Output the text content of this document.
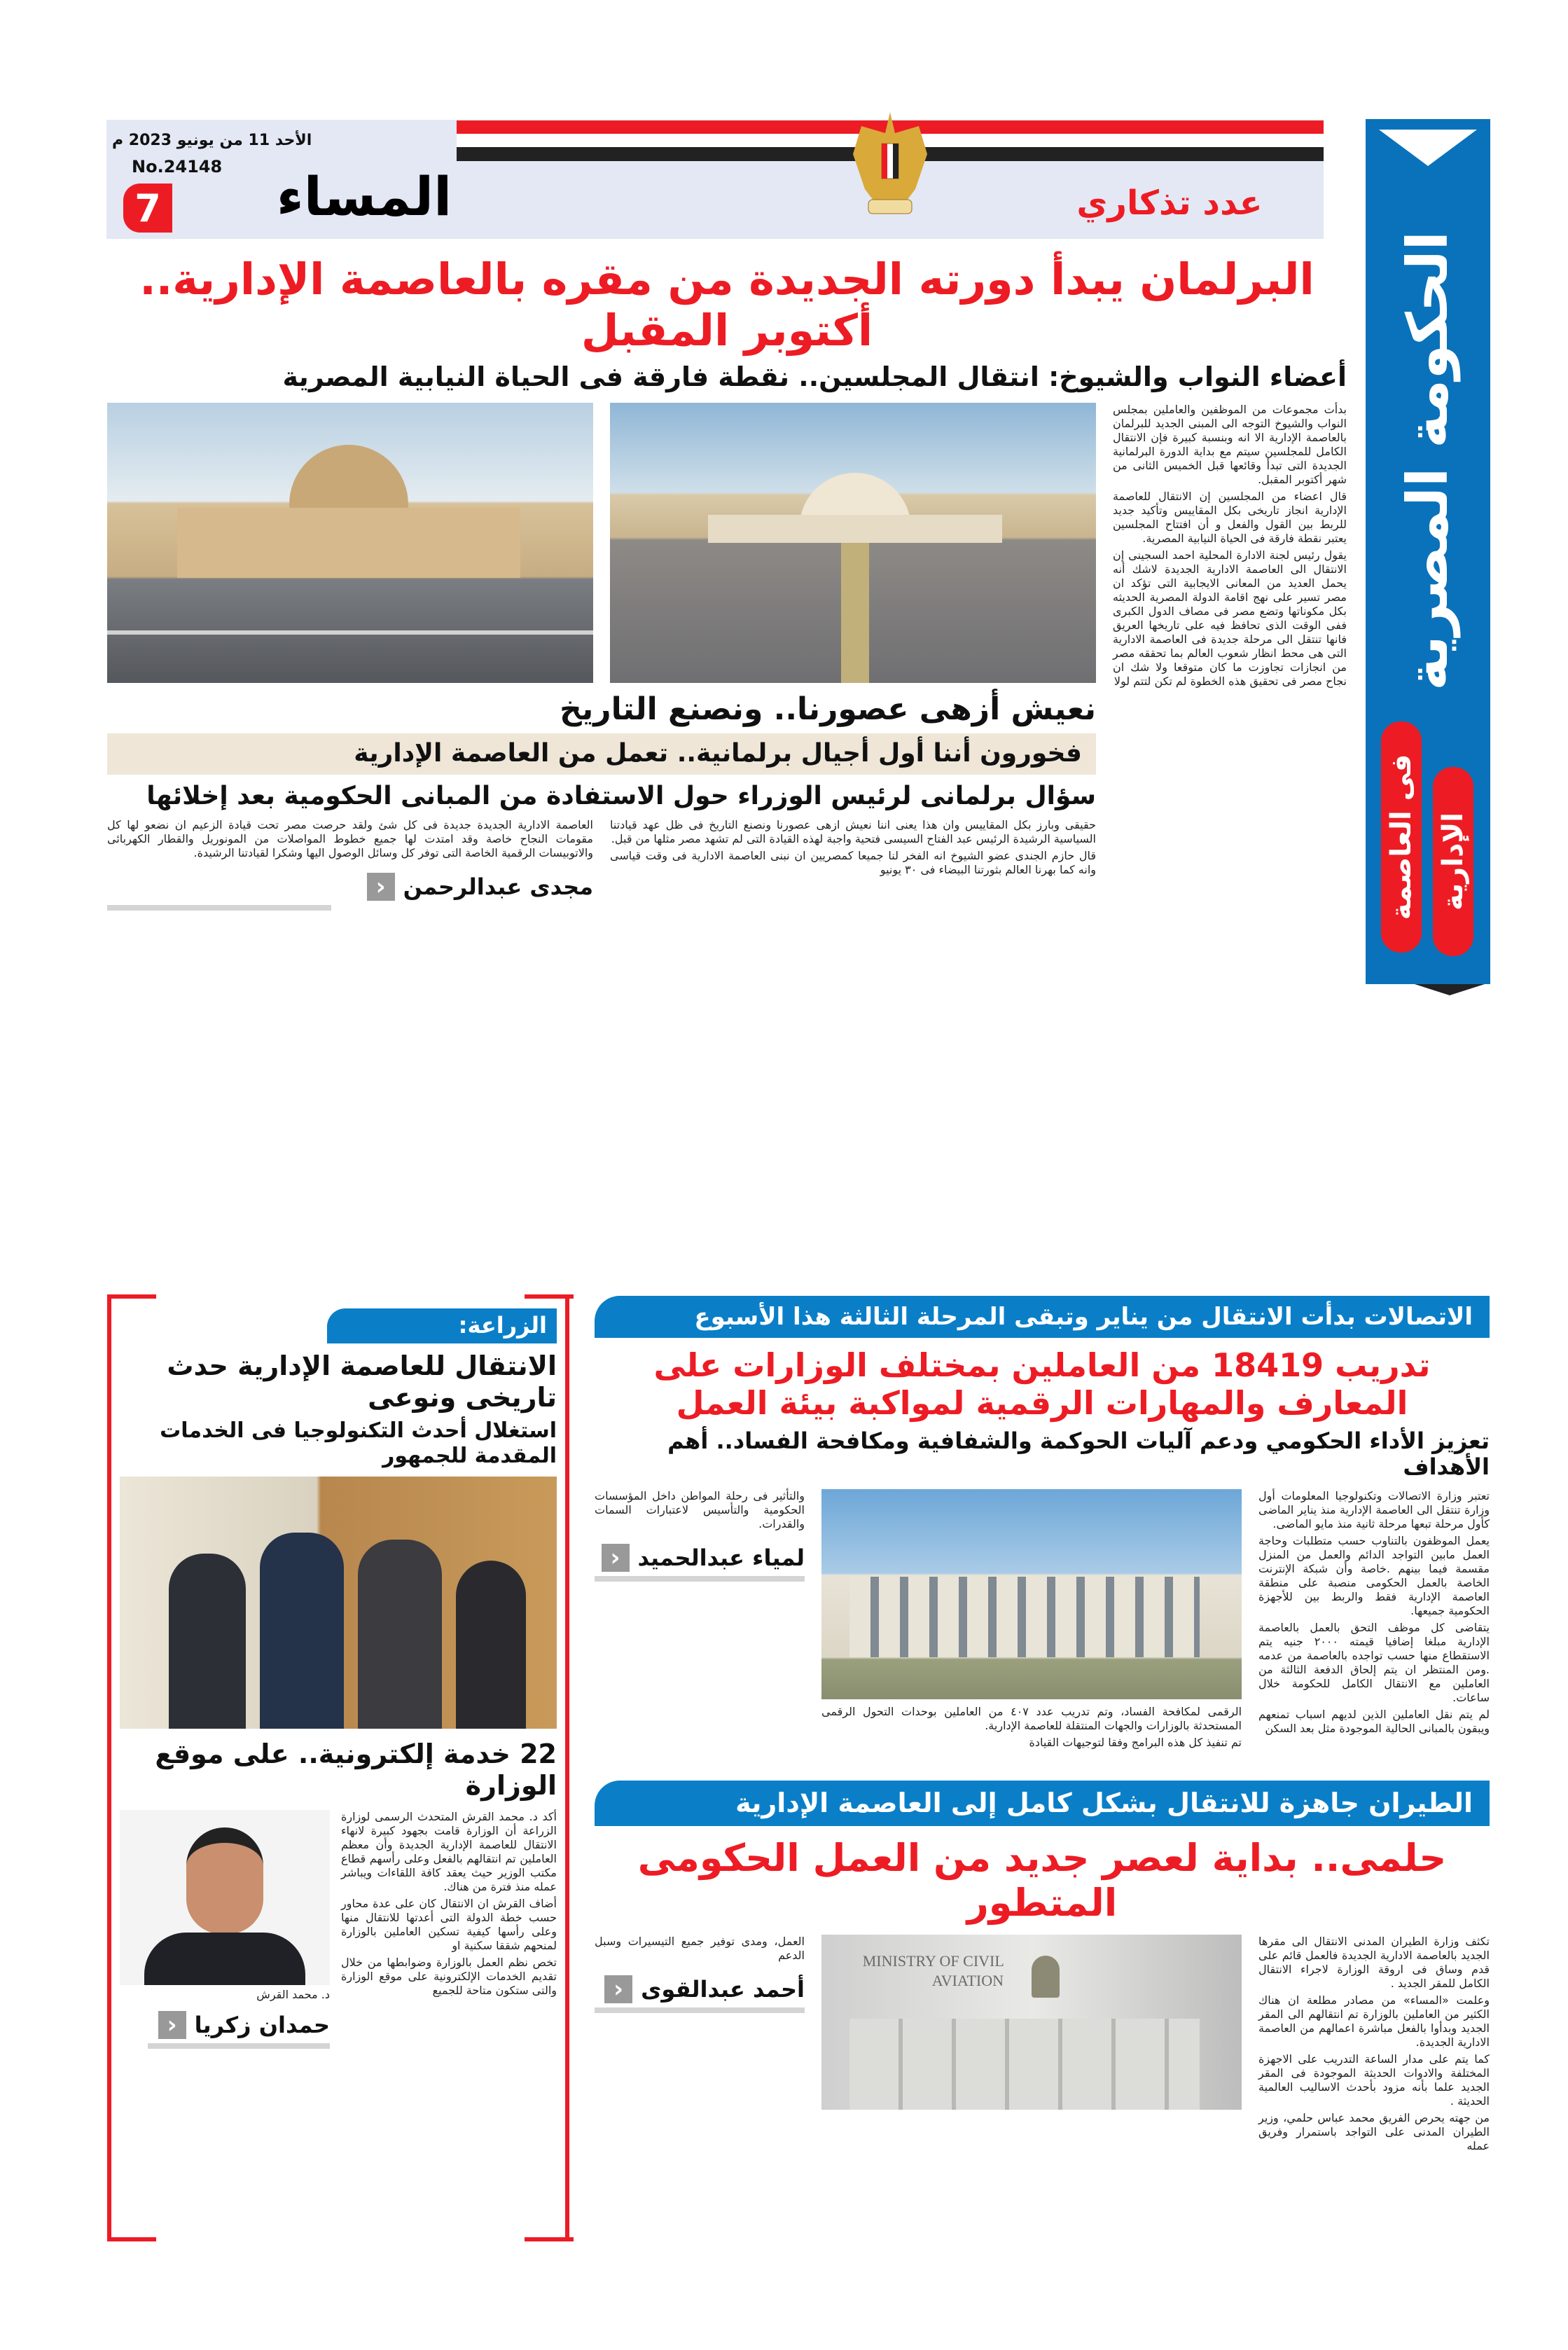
الأحد 11 من يونيو 2023 م
No.24148
7	المساء	عدد تذكاري
الحكومة المصرية
فى العاصمة الإدارية
البرلمان يبدأ دورته الجديدة من مقره بالعاصمة الإدارية.. أكتوبر المقبل
أعضاء النواب والشيوخ: انتقال المجلسين.. نقطة فارقة فى الحياة النيابية المصرية

بدأت مجموعات من الموظفين والعاملين بمجلس النواب والشيوخ التوجه الى المبنى الجديد للبرلمان بالعاصمة الإدارية الا انه وبنسبة كبيرة فإن الانتقال الكامل للمجلسين سيتم مع بداية الدورة البرلمانية الجديدة التى تبدأ وقائعها قبل الخميس الثانى من شهر أكتوبر المقبل.

قال اعضاء من المجلسين إن الانتقال للعاصمة الإدارية انجاز تاريخى بكل المقاييس وتأكيد جديد للربط بين القول والفعل و أن افتتاح المجلسين يعتبر نقطة فارقة فى الحياة النيابية المصرية.

يقول رئيس لجنة الادارة المحلية احمد السجينى إن الانتقال الى العاصمة الادارية الجديدة لاشك أنه يحمل العديد من المعانى الايجابية التى تؤكد ان مصر تسير على نهج اقامة الدولة المصرية الحديثه بكل مكوناتها وتضع مصر فى مصاف الدول الكبرى ففى الوقت الذى تحافظ فيه على تاريخها العريق فانها تنتقل الى مرحلة جديدة فى العاصمة الادارية التى هى محط انظار شعوب العالم بما تحققه مصر من انجازات تجاوزت ما كان متوقعا ولا شك ان نجاح مصر فى تحقيق هذه الخطوة لم تكن لتتم لولا

نعيش أزهى عصورنا.. ونصنع التاريخ
فخورون أننا أول أجيال برلمانية.. تعمل من العاصمة الإدارية
سؤال برلمانى لرئيس الوزراء حول الاستفادة من المبانى الحكومية بعد إخلائها

حقيقى وبارز بكل المقاييس وان هذا يعنى اننا نعيش ازهى عصورنا ونصنع التاريخ فى ظل عهد قيادتنا السياسية الرشيدة الرئيس عبد الفتاح السيسى فتحية واجبة لهذه القيادة التى لم تشهد مصر مثلها من قبل.

قال حازم الجندى عضو الشيوخ انه الفخر لنا جميعا كمصريين ان نبنى العاصمة الادارية فى وقت قياسى وانه كما بهرنا العالم بثورتنا البيضاء فى ٣٠ يونيو

العاصمة الادارية الجديدة جديدة فى كل شئ ولقد حرصت مصر تحت قيادة الزعيم ان نضعو لها كل مقومات النجاح خاصة وقد امتدت لها جميع خطوط المواصلات من المونوريل والقطار الكهربائى والاتوبيسات الرقمية الخاصة التى توفر كل وسائل الوصول اليها وشكرا لقيادتنا الرشيدة.

مجدى عبدالرحمن
‹
الاتصالات بدأت الانتقال من يناير وتبقى المرحلة الثالثة هذا الأسبوع
تدريب 18419 من العاملين بمختلف الوزارات على المعارف والمهارات الرقمية لمواكبة بيئة العمل
تعزيز الأداء الحكومي ودعم آليات الحوكمة والشفافية ومكافحة الفساد.. أهم الأهداف

تعتبر وزارة الاتصالات وتكنولوجيا المعلومات أول وزارة تنتقل الى العاصمة الإدارية منذ يناير الماضى كأول مرحلة تبعها مرحلة ثانية منذ مايو الماضى.

يعمل الموظفون بالتناوب حسب متطلبات وحاجة العمل مابين التواجد الدائم والعمل من المنزل مقسمة فيما بينهم .خاصة وأن شبكة الإنترنت الخاصة بالعمل الحكومى منصبة على منطقة العاصمة الإدارية فقط والربط بين للأجهزة الحكومية جميعها.

يتقاضى كل موظف التحق بالعمل بالعاصمة الإدارية مبلغا إضافيا قيمته ٢٠٠٠ جنيه يتم الاستقطاع منها حسب تواجده بالعاصمة من عدمه .ومن المنتظر ان يتم إلحاق الدفعة الثالثة من العاملين مع الانتقال الكامل للحكومة خلال ساعات.

لم يتم نقل العاملين الذين لديهم اسباب تمنعهم ويبقون بالمبانى الحالية الموجودة مثل بعد السكن

الرقمى لمكافحة الفساد، وتم تدريب عدد ٤٠٧ من العاملين بوحدات التحول الرقمى المستحدثة بالوزارات والجهات المنتقلة للعاصمة الإدارية.

تم تنفيذ كل هذه البرامج وفقا لتوجيهات القيادة

والتأثير فى رحلة المواطن داخل المؤسسات الحكومية والتأسيس لاعتبارات السمات والقدرات.

لمياء عبدالحميد
‹
الطيران جاهزة للانتقال بشكل كامل إلى العاصمة الإدارية
حلمى.. بداية لعصر جديد من العمل الحكومى المتطور

تكثف وزارة الطيران المدنى الانتقال الى مقرها الجديد بالعاصمة الادارية الجديدة فالعمل قائم على قدم وساق فى اروقة الوزارة لاجراء الانتقال الكامل للمقر الجديد .

وعلمت «المساء» من مصادر مطلعة ان هناك الكثير من العاملين بالوزارة تم انتقالهم الى المقر الجديد وبدأوا بالفعل مباشرة اعمالهم من العاصمة الادارية الجديدة.

كما يتم على مدار الساعة التدريب على الاجهزة المختلفة والادوات الحديثة الموجودة فى المقر الجديد علما بأنه مزود بأحدث الاساليب العالمية الحديثة .

من جهته يحرص الفريق محمد عباس حلمي، وزير الطيران المدنى على التواجد باستمرار وفريق عمله

MINISTRY OF CIVIL AVIATION

العمل، ومدى توفير جميع التيسيرات وسبل الدعم

أحمد عبدالقوى
‹
الزراعة:
الانتقال للعاصمة الإدارية حدث تاريخى ونوعى
استغلال أحدث التكنولوجيا فى الخدمات المقدمة للجمهور
22 خدمة إلكترونية.. على موقع الوزارة

أكد د. محمد القرش المتحدث الرسمى لوزارة الزراعة أن الوزارة قامت بجهود كبيرة لانهاء الانتقال للعاصمة الإدارية الجديدة وأن معظم العاملين تم انتقالهم بالفعل وعلى رأسهم قطاع مكتب الوزير حيث يعقد كافة اللقاءات ويباشر عمله منذ فترة من هناك.

أضاف القرش ان الانتقال كان على عدة محاور حسب خطة الدولة التى أعدتها للانتقال منها وعلى رأسها كيفية تسكين العاملين بالوزارة لمنحهم شققا سكنية او

تخص نظم العمل بالوزارة وضوابطها من خلال تقديم الخدمات الإلكترونية على موقع الوزارة والتى ستكون متاحة للجميع

د. محمد القرش
حمدان زكريا
‹
